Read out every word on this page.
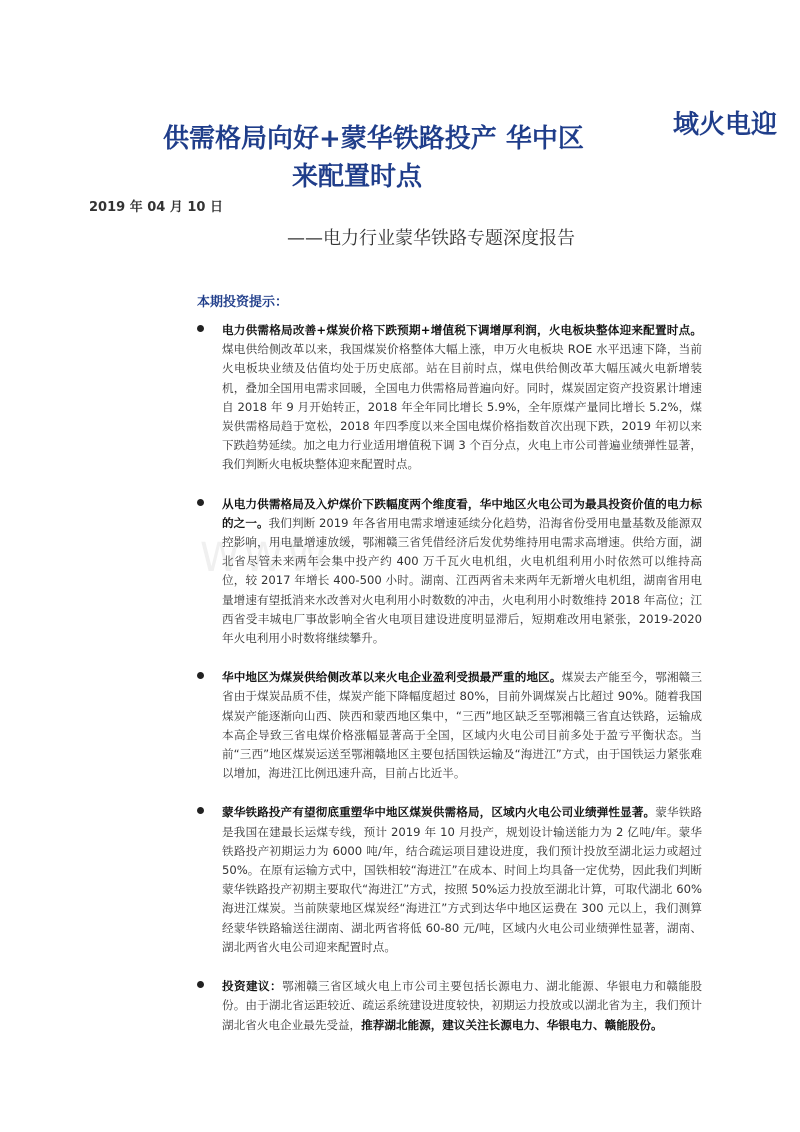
WWW
供需格局向好+蒙华铁路投产 华中区	域火电迎
来配置时点
2019 年 04 月 10 日
——电力行业蒙华铁路专题深度报告
本期投资提示：
电力供需格局改善+煤炭价格下跌预期+增值税下调增厚利润，火电板块整体迎来配置时点。煤电供给侧改革以来，我国煤炭价格整体大幅上涨，申万火电板块 ROE 水平迅速下降，当前火电板块业绩及估值均处于历史底部。站在目前时点，煤电供给侧改革大幅压减火电新增装机，叠加全国用电需求回暖，全国电力供需格局普遍向好。同时，煤炭固定资产投资累计增速自 2018 年 9 月开始转正，2018 年全年同比增长 5.9%，全年原煤产量同比增长 5.2%，煤炭供需格局趋于宽松，2018 年四季度以来全国电煤价格指数首次出现下跌，2019 年初以来下跌趋势延续。加之电力行业适用增值税下调 3 个百分点，火电上市公司普遍业绩弹性显著，我们判断火电板块整体迎来配置时点。
从电力供需格局及入炉煤价下跌幅度两个维度看，华中地区火电公司为最具投资价值的电力标的之一。我们判断 2019 年各省用电需求增速延续分化趋势，沿海省份受用电量基数及能源双控影响，用电量增速放缓，鄂湘赣三省凭借经济后发优势维持用电需求高增速。供给方面，湖北省尽管未来两年会集中投产约 400 万千瓦火电机组，火电机组利用小时依然可以维持高位，较 2017 年增长 400-500 小时。湖南、江西两省未来两年无新增火电机组，湖南省用电量增速有望抵消来水改善对火电利用小时数数的冲击，火电利用小时数维持 2018 年高位；江西省受丰城电厂事故影响全省火电项目建设进度明显滞后，短期难改用电紧张，2019-2020 年火电利用小时数将继续攀升。
华中地区为煤炭供给侧改革以来火电企业盈利受损最严重的地区。煤炭去产能至今，鄂湘赣三省由于煤炭品质不佳，煤炭产能下降幅度超过 80%，目前外调煤炭占比超过 90%。随着我国煤炭产能逐渐向山西、陕西和蒙西地区集中，“三西”地区缺乏至鄂湘赣三省直达铁路，运输成本高企导致三省电煤价格涨幅显著高于全国，区域内火电公司目前多处于盈亏平衡状态。当前“三西”地区煤炭运送至鄂湘赣地区主要包括国铁运输及“海进江”方式，由于国铁运力紧张难以增加，海进江比例迅速升高，目前占比近半。
蒙华铁路投产有望彻底重塑华中地区煤炭供需格局，区域内火电公司业绩弹性显著。蒙华铁路是我国在建最长运煤专线，预计 2019 年 10 月投产，规划设计输送能力为 2 亿吨/年。蒙华铁路投产初期运力为 6000 吨/年，结合疏运项目建设进度，我们预计投放至湖北运力或超过 50%。在原有运输方式中，国铁相较“海进江”在成本、时间上均具备一定优势，因此我们判断蒙华铁路投产初期主要取代“海进江”方式，按照 50%运力投放至湖北计算，可取代湖北 60%海进江煤炭。当前陕蒙地区煤炭经“海进江”方式到达华中地区运费在 300 元以上，我们测算经蒙华铁路输送往湖南、湖北两省将低 60-80 元/吨，区域内火电公司业绩弹性显著，湖南、湖北两省火电公司迎来配置时点。
投资建议：鄂湘赣三省区域火电上市公司主要包括长源电力、湖北能源、华银电力和赣能股份。由于湖北省运距较近、疏运系统建设进度较快，初期运力投放或以湖北省为主，我们预计湖北省火电企业最先受益，推荐湖北能源，建议关注长源电力、华银电力、赣能股份。
